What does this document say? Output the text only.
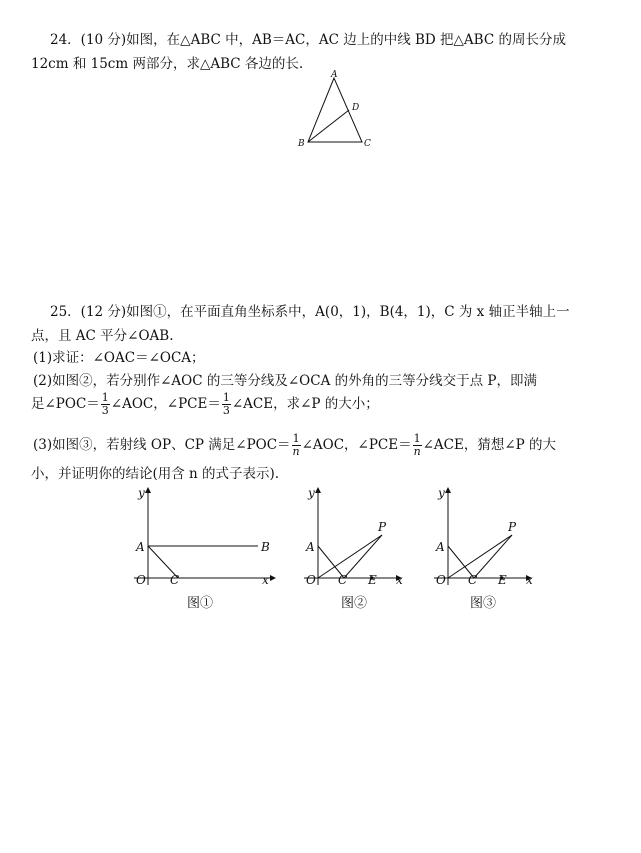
24．(10 分)如图，在△ABC 中，AB＝AC，AC 边上的中线 BD 把△ABC 的周长分成
12cm 和 15cm 两部分，求△ABC 各边的长.
A
D
B	C
25．(12 分)如图①，在平面直角坐标系中，A(0，1)，B(4，1)，C 为 x 轴正半轴上一
点，且 AC 平分∠OAB.
(1)求证：∠OAC＝∠OCA；
(2)如图②，若分别作∠AOC 的三等分线及∠OCA 的外角的三等分线交于点 P，即满
足∠POC＝ $\frac{1}{3}$ ∠AOC，∠PCE＝ $\frac{1}{3}$ ∠ACE，求∠P 的大小；
(3)如图③，若射线 OP、CP 满足∠POC＝ $\frac{1}{n}$ ∠AOC，∠PCE＝ $\frac{1}{n}$ ∠ACE，猜想∠P 的大
小，并证明你的结论(用含 n 的式子表示).
y
A	B
O C	x
图①
y
A
P
O C E x
图②
y
A
P
O C E x
图③
